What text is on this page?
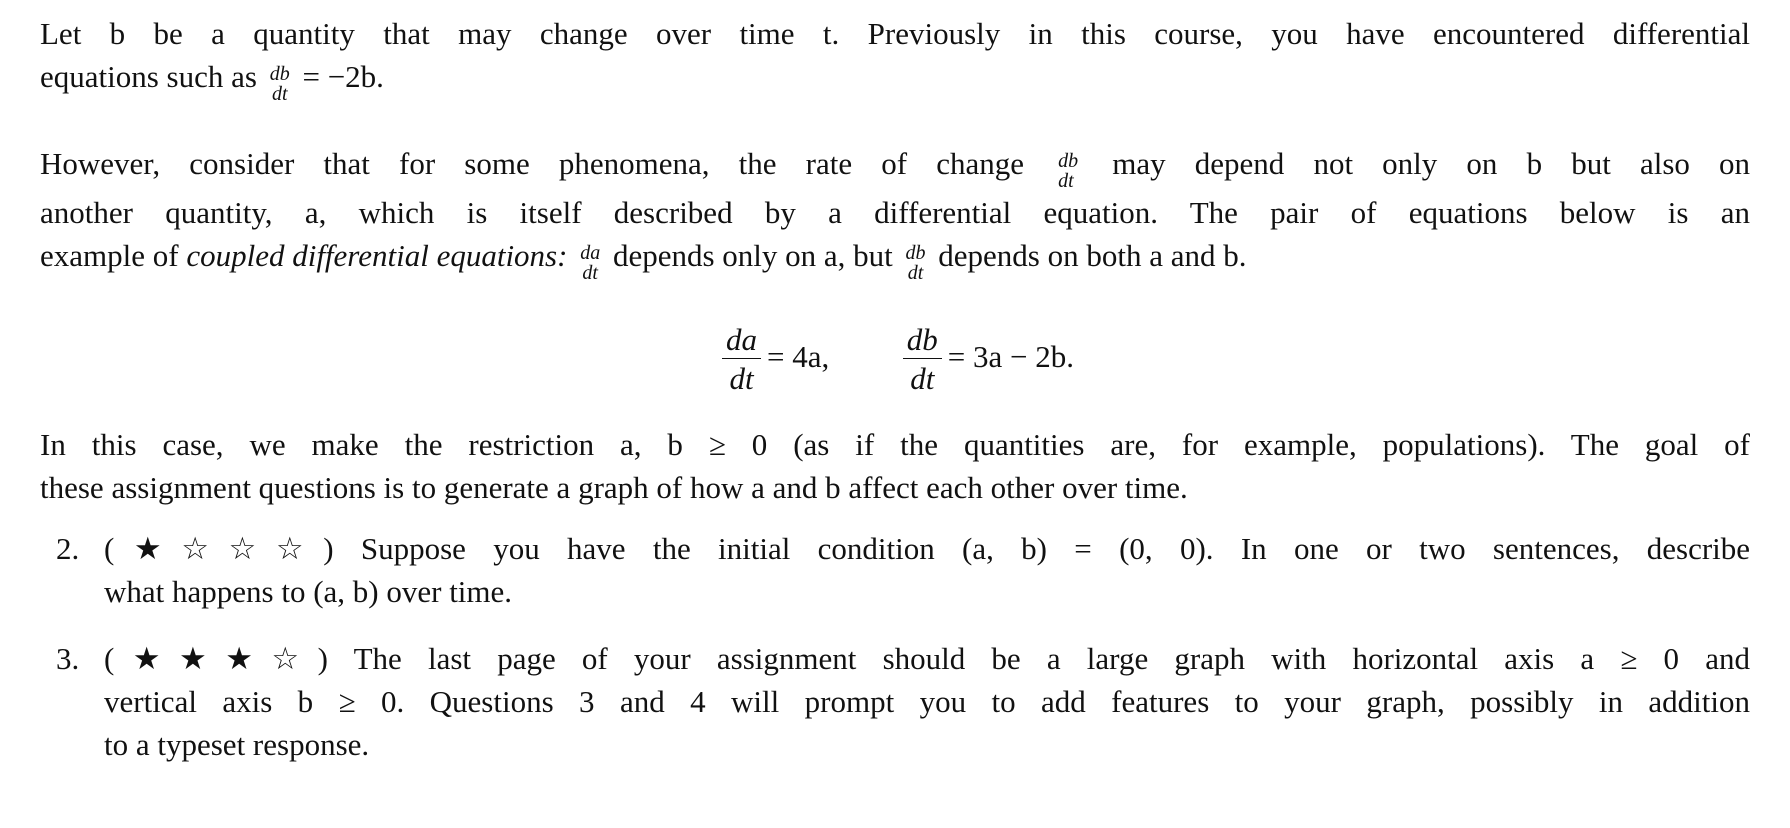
Let b be a quantity that may change over time t. Previously in this course, you have encountered differential
equations such as db
dt
= −2b.

However, consider that for some phenomena, the rate of change db
dt
may depend not only on b but also on
another quantity, a, which is itself described by a differential equation. The pair of equations below is an
example of coupled differential equations: da
dt
depends only on a, but db
dt
depends on both a and b.

$\frac{da}{dt} = 4a$, $\frac{db}{dt} = 3a - 2b$.

In this case, we make the restriction a, b ≥ 0 (as if the quantities are, for example, populations). The goal of
these assignment questions is to generate a graph of how a and b affect each other over time.

2. (★☆☆☆) Suppose you have the initial condition (a, b) = (0, 0). In one or two sentences, describe
what happens to (a, b) over time.
3. (★★★☆) The last page of your assignment should be a large graph with horizontal axis a ≥ 0 and
vertical axis b ≥ 0. Questions 3 and 4 will prompt you to add features to your graph, possibly in addition
to a typeset response.
